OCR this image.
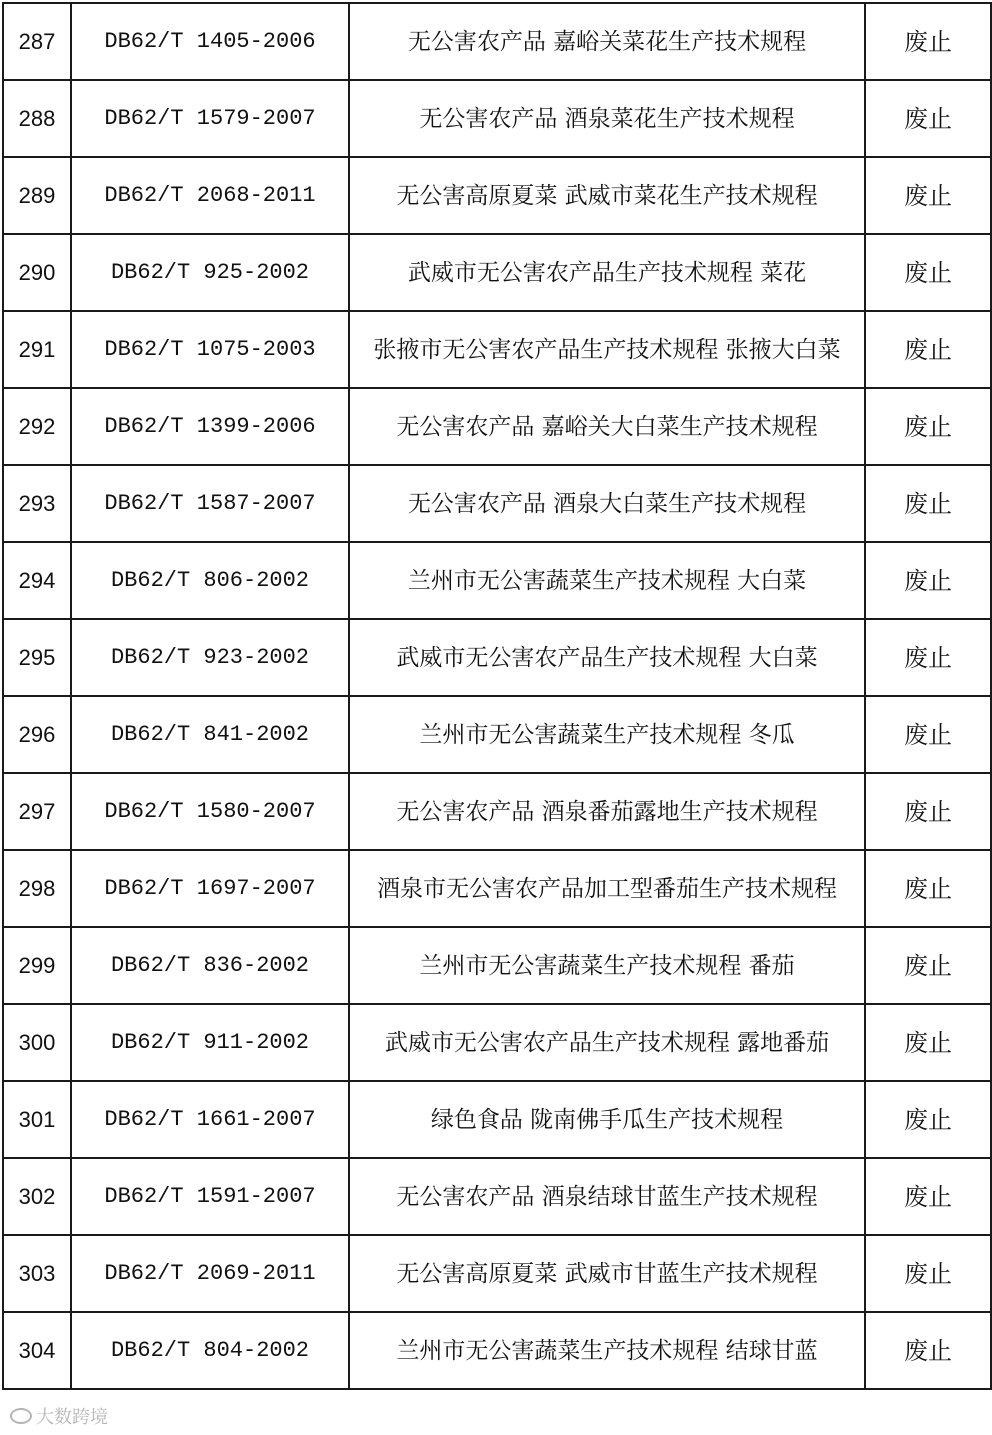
287	DB62/T 1405-2006	无公害农产品 嘉峪关菜花生产技术规程	废止
288	DB62/T 1579-2007	无公害农产品 酒泉菜花生产技术规程	废止
289	DB62/T 2068-2011	无公害高原夏菜 武威市菜花生产技术规程	废止
290	DB62/T 925-2002	武威市无公害农产品生产技术规程 菜花	废止
291	DB62/T 1075-2003	张掖市无公害农产品生产技术规程 张掖大白菜	废止
292	DB62/T 1399-2006	无公害农产品 嘉峪关大白菜生产技术规程	废止
293	DB62/T 1587-2007	无公害农产品 酒泉大白菜生产技术规程	废止
294	DB62/T 806-2002	兰州市无公害蔬菜生产技术规程 大白菜	废止
295	DB62/T 923-2002	武威市无公害农产品生产技术规程 大白菜	废止
296	DB62/T 841-2002	兰州市无公害蔬菜生产技术规程 冬瓜	废止
297	DB62/T 1580-2007	无公害农产品 酒泉番茄露地生产技术规程	废止
298	DB62/T 1697-2007	酒泉市无公害农产品加工型番茄生产技术规程	废止
299	DB62/T 836-2002	兰州市无公害蔬菜生产技术规程 番茄	废止
300	DB62/T 911-2002	武威市无公害农产品生产技术规程 露地番茄	废止
301	DB62/T 1661-2007	绿色食品 陇南佛手瓜生产技术规程	废止
302	DB62/T 1591-2007	无公害农产品 酒泉结球甘蓝生产技术规程	废止
303	DB62/T 2069-2011	无公害高原夏菜 武威市甘蓝生产技术规程	废止
304	DB62/T 804-2002	兰州市无公害蔬菜生产技术规程 结球甘蓝	废止
大数跨境
